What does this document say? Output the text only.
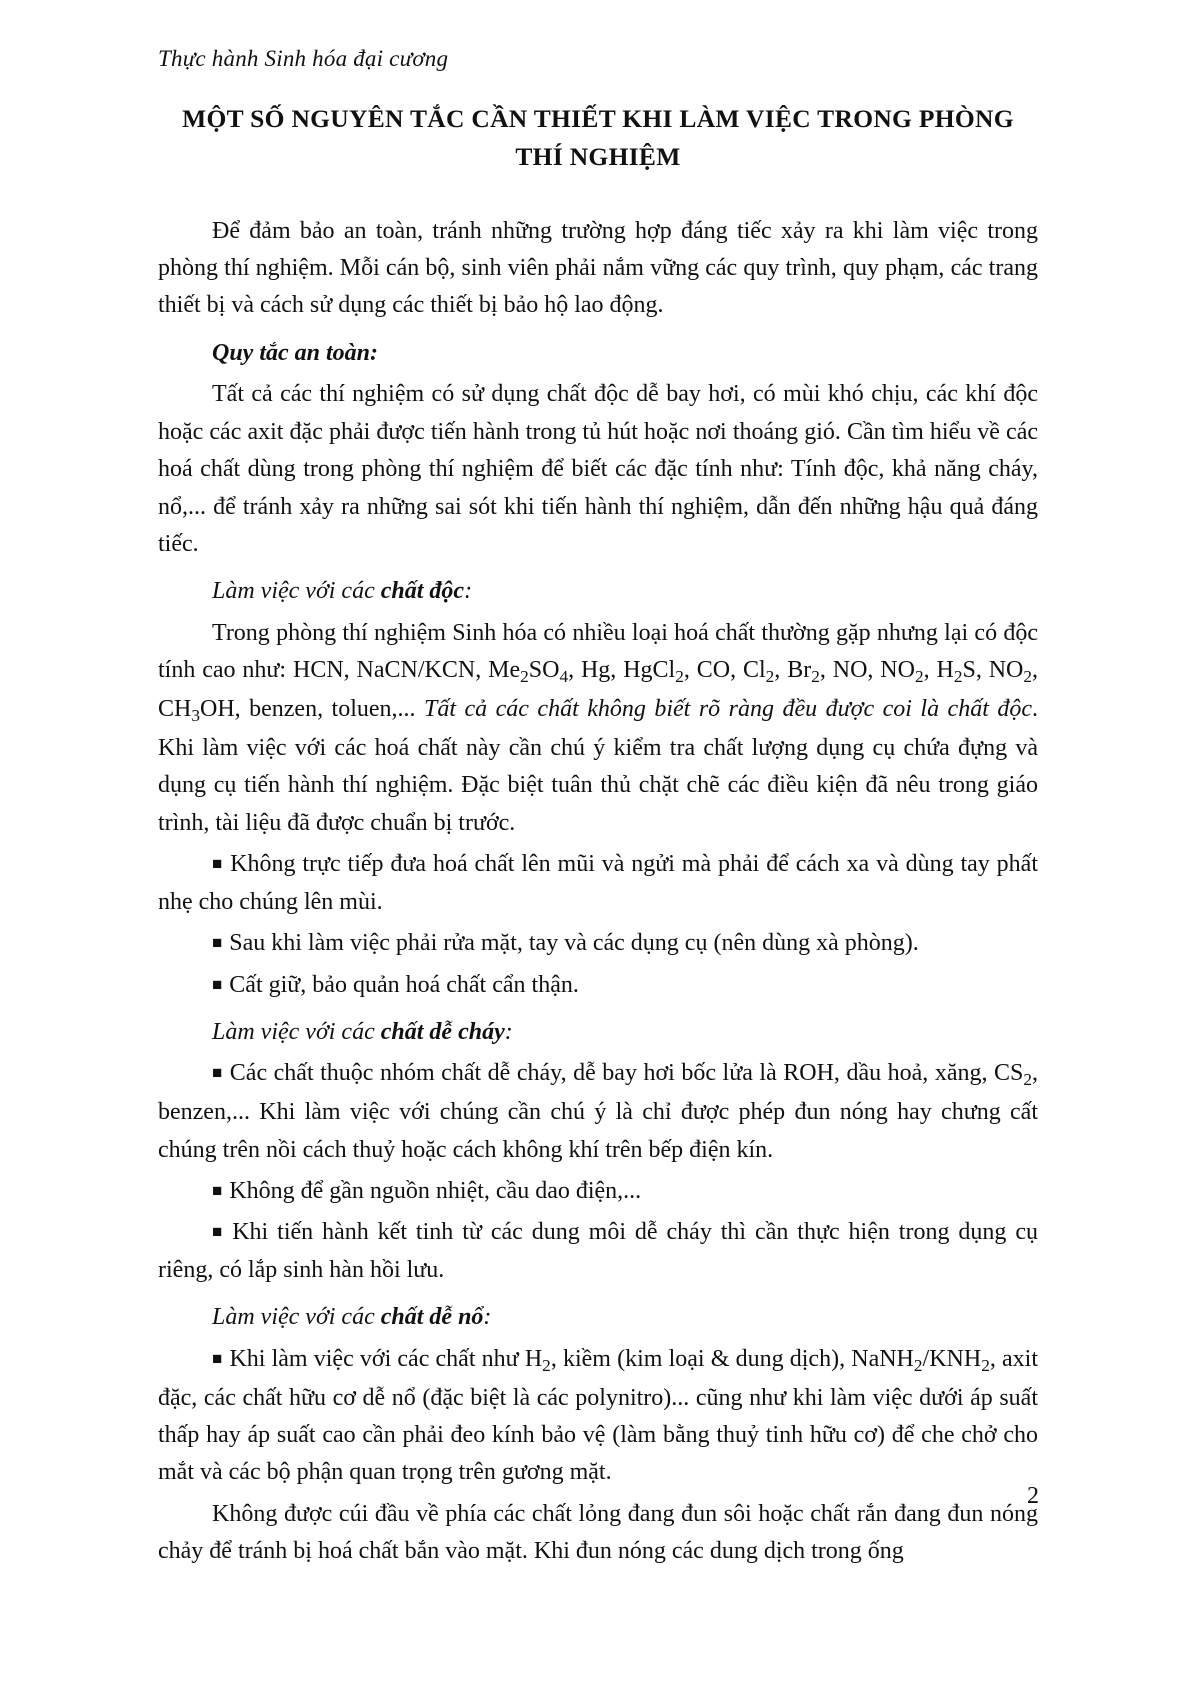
Thực hành Sinh hóa đại cương
MỘT SỐ NGUYÊN TẮC CẦN THIẾT KHI LÀM VIỆC TRONG PHÒNG
THÍ NGHIỆM

Để đảm bảo an toàn, tránh những trường hợp đáng tiếc xảy ra khi làm việc trong phòng thí nghiệm. Mỗi cán bộ, sinh viên phải nắm vững các quy trình, quy phạm, các trang thiết bị và cách sử dụng các thiết bị bảo hộ lao động.

Quy tắc an toàn:

Tất cả các thí nghiệm có sử dụng chất độc dễ bay hơi, có mùi khó chịu, các khí độc hoặc các axit đặc phải được tiến hành trong tủ hút hoặc nơi thoáng gió. Cần tìm hiểu về các hoá chất dùng trong phòng thí nghiệm để biết các đặc tính như: Tính độc, khả năng cháy, nổ,... để tránh xảy ra những sai sót khi tiến hành thí nghiệm, dẫn đến những hậu quả đáng tiếc.

Làm việc với các chất độc:

Trong phòng thí nghiệm Sinh hóa có nhiều loại hoá chất thường gặp nhưng lại có độc tính cao như: HCN, NaCN/KCN, $Me_2SO_4$, Hg, HgCl$_2$, CO, $Cl_2$, $Br_2$, NO, $NO_2$, $H_2S$, $NO_2$, $CH_3OH$, benzen, toluen,... Tất cả các chất không biết rõ ràng đều được coi là chất độc. Khi làm việc với các hoá chất này cần chú ý kiểm tra chất lượng dụng cụ chứa đựng và dụng cụ tiến hành thí nghiệm. Đặc biệt tuân thủ chặt chẽ các điều kiện đã nêu trong giáo trình, tài liệu đã được chuẩn bị trước.

■ Không trực tiếp đưa hoá chất lên mũi và ngửi mà phải để cách xa và dùng tay phất nhẹ cho chúng lên mùi.

■ Sau khi làm việc phải rửa mặt, tay và các dụng cụ (nên dùng xà phòng).

■ Cất giữ, bảo quản hoá chất cẩn thận.

Làm việc với các chất dễ cháy:

■ Các chất thuộc nhóm chất dễ cháy, dễ bay hơi bốc lửa là ROH, dầu hoả, xăng, $CS_2$, benzen,... Khi làm việc với chúng cần chú ý là chỉ được phép đun nóng hay chưng cất chúng trên nồi cách thuỷ hoặc cách không khí trên bếp điện kín.

■ Không để gần nguồn nhiệt, cầu dao điện,...

■ Khi tiến hành kết tinh từ các dung môi dễ cháy thì cần thực hiện trong dụng cụ riêng, có lắp sinh hàn hồi lưu.

Làm việc với các chất dễ nổ:

■ Khi làm việc với các chất như $H_2$, kiềm (kim loại & dung dịch), $NaNH_2/KNH_2$, axit đặc, các chất hữu cơ dễ nổ (đặc biệt là các polynitro)... cũng như khi làm việc dưới áp suất thấp hay áp suất cao cần phải đeo kính bảo vệ (làm bằng thuỷ tinh hữu cơ) để che chở cho mắt và các bộ phận quan trọng trên gương mặt.

Không được cúi đầu về phía các chất lỏng đang đun sôi hoặc chất rắn đang đun nóng chảy để tránh bị hoá chất bắn vào mặt. Khi đun nóng các dung dịch trong ống

2
